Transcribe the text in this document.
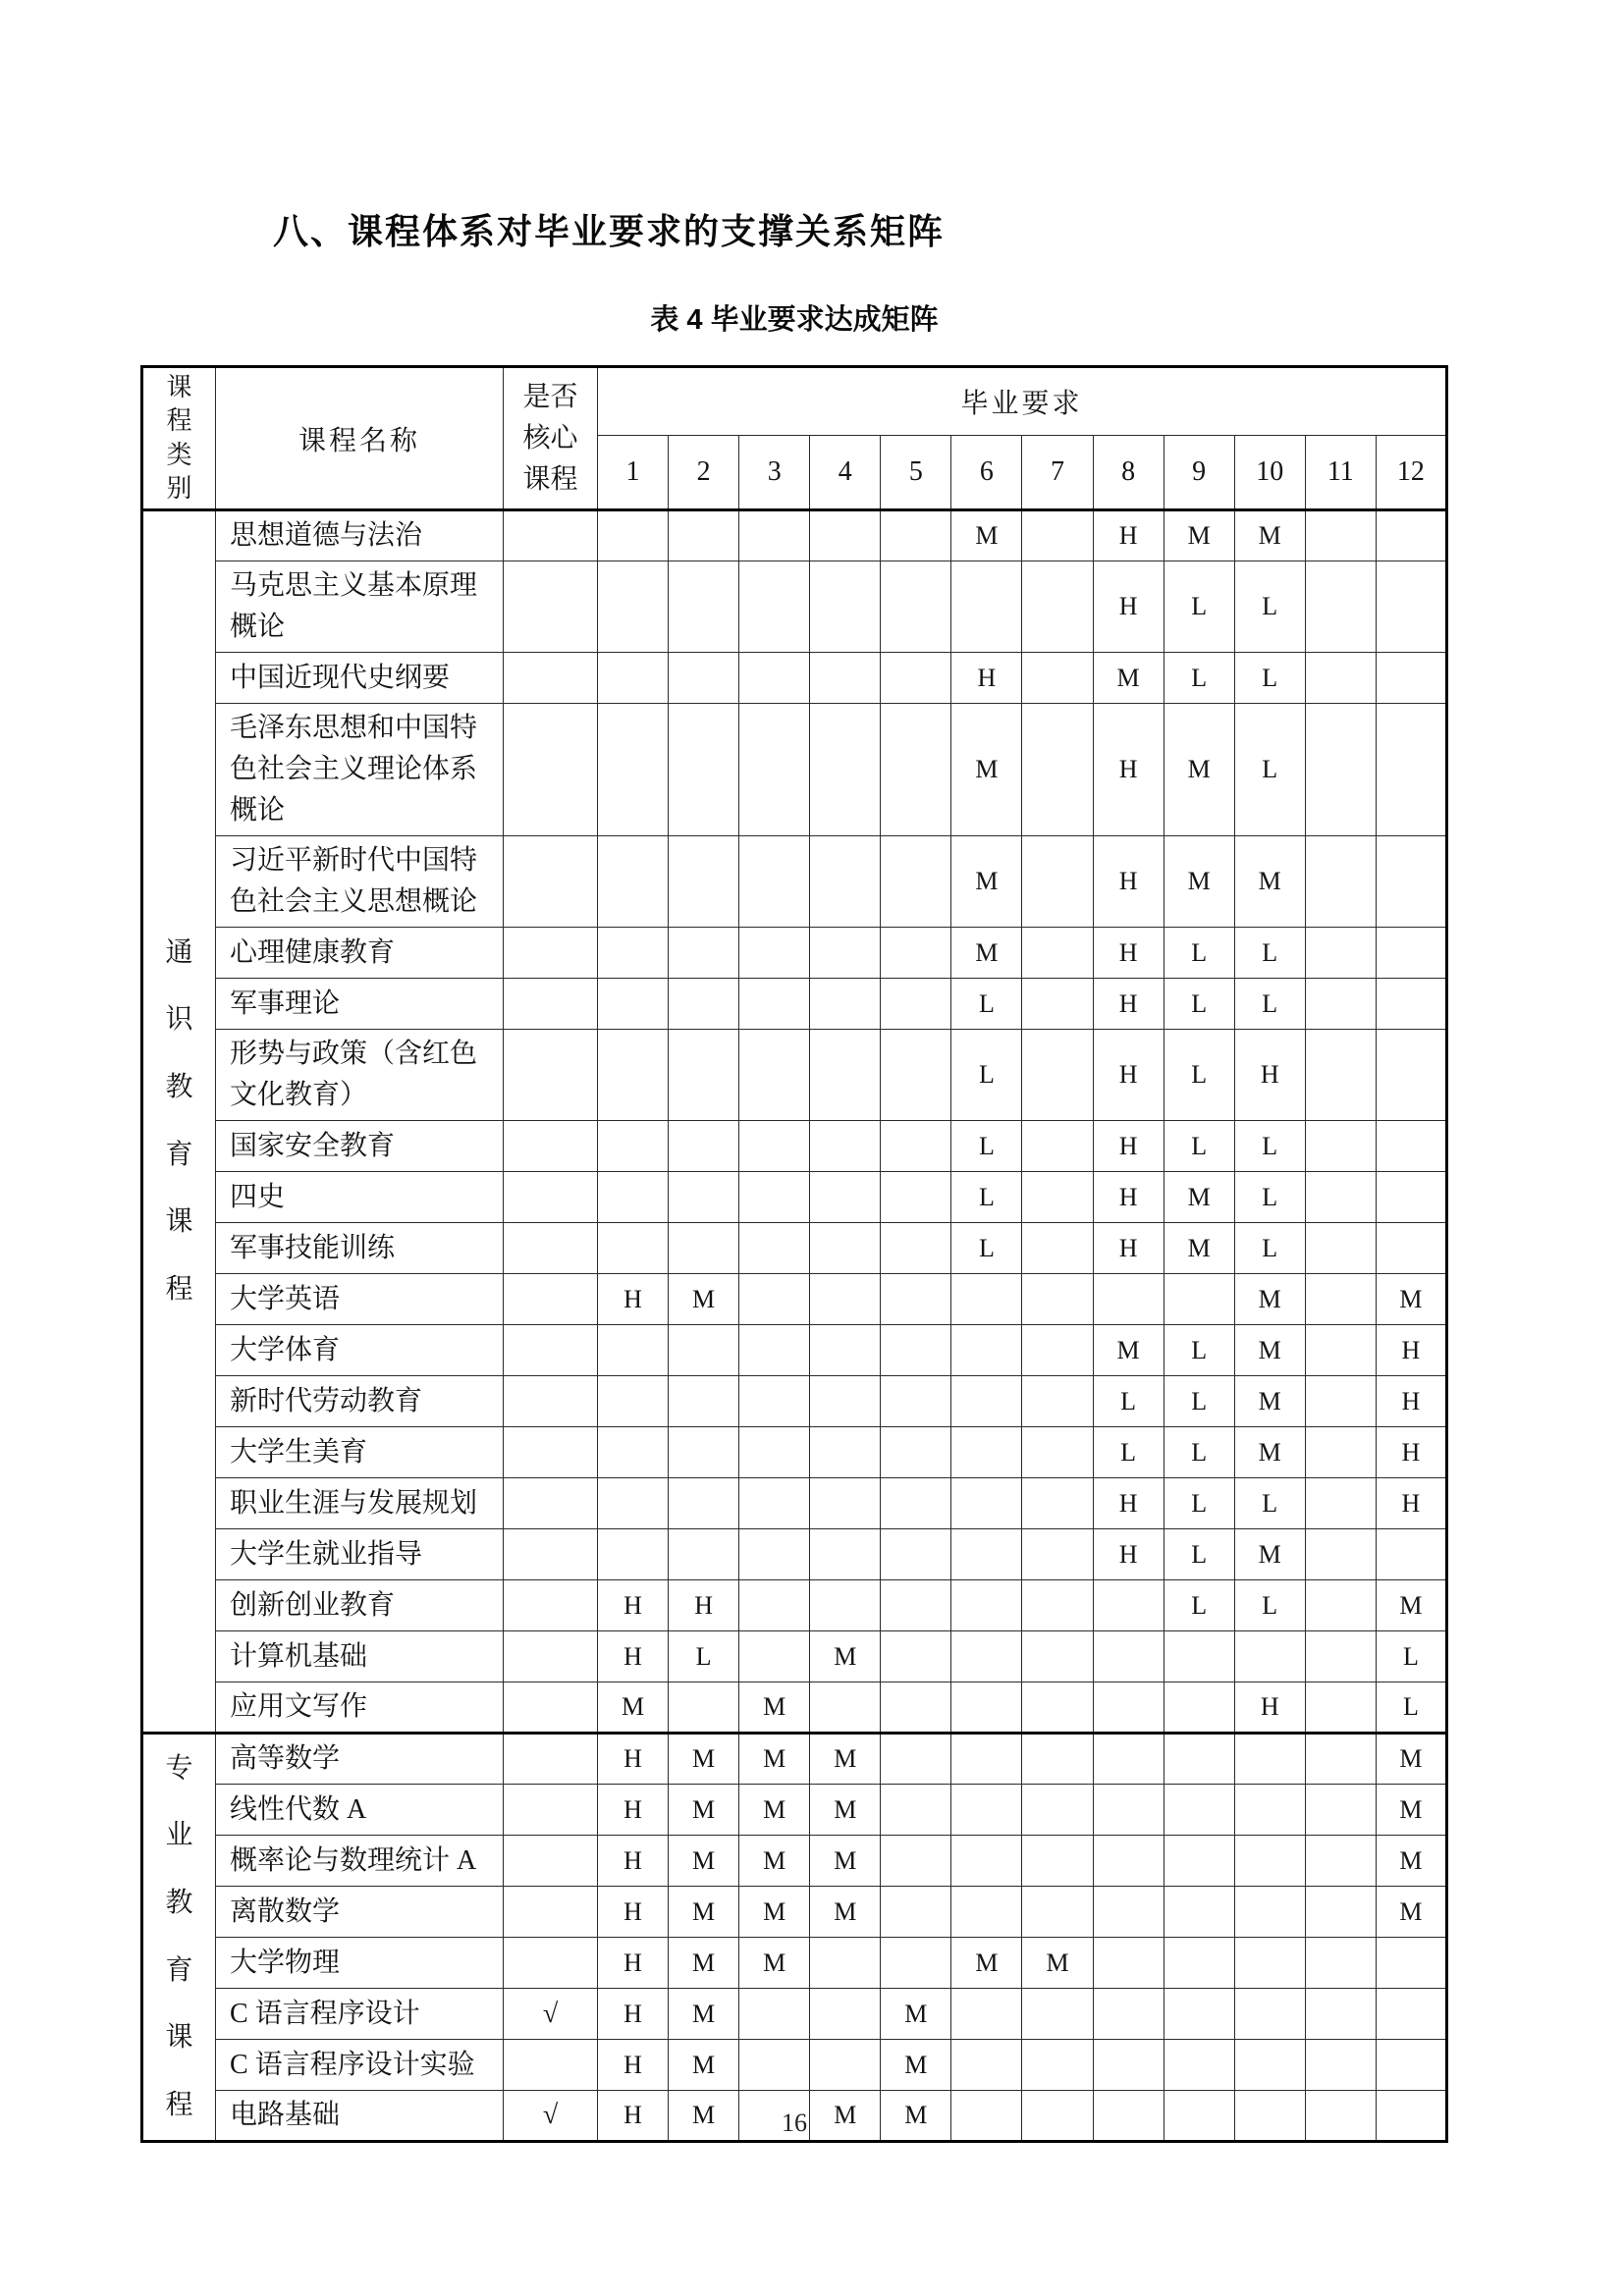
八、课程体系对毕业要求的支撑关系矩阵
表 4 毕业要求达成矩阵
课程类别	课程名称	是否核心课程	毕业要求											
			1	2	3	4	5	6	7	8	9	10	11	12
通识教育课程	思想道德与法治							M		H	M	M		
	马克思主义基本原理概论									H	L	L		
	中国近现代史纲要							H		M	L	L		
	毛泽东思想和中国特色社会主义理论体系概论							M		H	M	L		
	习近平新时代中国特色社会主义思想概论							M		H	M	M		
	心理健康教育							M		H	L	L		
	军事理论							L		H	L	L		
	形势与政策（含红色文化教育）							L		H	L	H		
	国家安全教育							L		H	L	L		
	四史							L		H	M	L		
	军事技能训练							L		H	M	L		
	大学英语		H	M								M		M
	大学体育									M	L	M		H
	新时代劳动教育									L	L	M		H
	大学生美育									L	L	M		H
	职业生涯与发展规划									H	L	L		H
	大学生就业指导									H	L	M		
	创新创业教育		H	H							L	L		M
	计算机基础		H	L		M								L
	应用文写作		M		M							H		L
专业教育课程	高等数学		H	M	M	M								M
	线性代数 A		H	M	M	M								M
	概率论与数理统计 A		H	M	M	M								M
	离散数学		H	M	M	M								M
	大学物理		H	M	M			M	M					
	C 语言程序设计	√	H	M			M							
	C 语言程序设计实验		H	M			M							
	电路基础	√	H	M		M	M							
16
